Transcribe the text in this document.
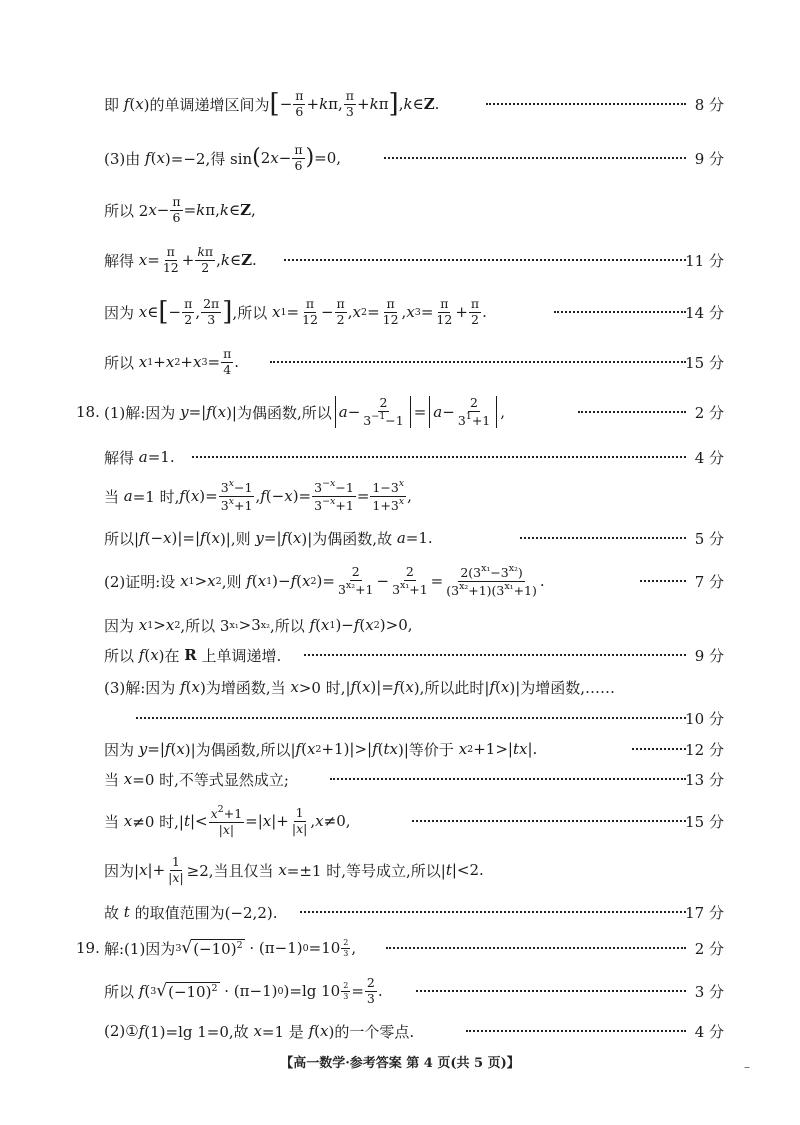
即 f ( x )的单调递增区间为 [ − $\frac{\pi}{6} + k$ π, $\frac{\pi}{3} + k$ π ] , k ∈ Z .	8 分
(3)由 f ( x )=−2,得 sin ( 2 $x - \frac{\pi}{6}$ ) =0,	9 分
所以 2 $x - \frac{\pi}{6} = k$ π, k ∈ Z ,
解得 $x = \frac{\pi}{12} + \frac{k\pi}{2}$ , k ∈ Z .	11 分
因为 x ∈ [ − $\frac{\pi}{2}$ , $\frac{2\pi}{3}$ ] ,所以 x $1 = \frac{\pi}{12} - \frac{\pi}{2}$ , x $2 = \frac{\pi}{12}$ , x $3 = \frac{\pi}{12} + \frac{\pi}{2}$ .	14 分
所以 x 1 + x 2 + x $3 = \frac{\pi}{4}$ .	15 分
18. (1)解:因为 y =| f ( x )|为偶函数,所以 $a - \frac{2}{3^{-1}-1} = a - \frac{2}{3^1+1}$ ,	2 分
解得 a =1.	4 分
当 a =1 时, f ( x )= $\frac{3^x-1}{3^x+1}$ , f (− x )= $\frac{3^{-x}-1}{3^{-x}+1} = \frac{1-3^x}{1+3^x}$ ,
所以| f (− x )|=| f ( x )|,则 y =| f ( x )|为偶函数,故 a =1.	5 分
(2)证明:设 x 1 > x 2 ,则 f ( x 1 )− f ( x 2 )= $\frac{2}{3^{x_2}+1} - \frac{2}{3^{x_1}+1} = \frac{2(3^{x_1}-3^{x_2})}{(3^{x_2}+1)(3^{x_1}+1)}$ .	7 分
因为 x 1 > x 2 ,所以 3 x₁ >3 x₂ ,所以 f ( x 1 )− f ( x 2 )>0,
所以 f ( x )在 R 上单调递增.	9 分
(3)解:因为 f ( x )为增函数,当 x >0 时,| f ( x )|= f ( x ),所以此时| f ( x )|为增函数,……
10 分
因为 y =| f ( x )|为偶函数,所以| f ( x 2 +1)|>| f ( tx )|等价于 x 2 +1>| tx |.	12 分
当 x =0 时,不等式显然成立;	13 分
当 x ≠0 时,| t |< $\frac{x^2+1}{|x|}$ =| x |+ $\frac{1}{|x|}$ , x ≠0,	15 分
因为| x |+ $\frac{1}{|x|} \ge 2$,当且仅当 x =±1 时,等号成立,所以| t |<2.
故 t 的取值范围为(−2,2).	17 分
19. 解:(1)因为 3 √ $(-10)^2 \cdot (\pi-1)$ $0 =10 \frac{2}{3}$ ,	2 分
所以 f ( 3 √ $(-10)^2 \cdot (\pi-1)$ 0 )=lg $10 \frac{2}{3} = \frac{2}{3}$ .	3 分
(2)① f (1)=lg 1=0,故 x =1 是 f ( x )的一个零点.	4 分
【高一数学·参考答案 第 4 页(共 5 页)】	–
